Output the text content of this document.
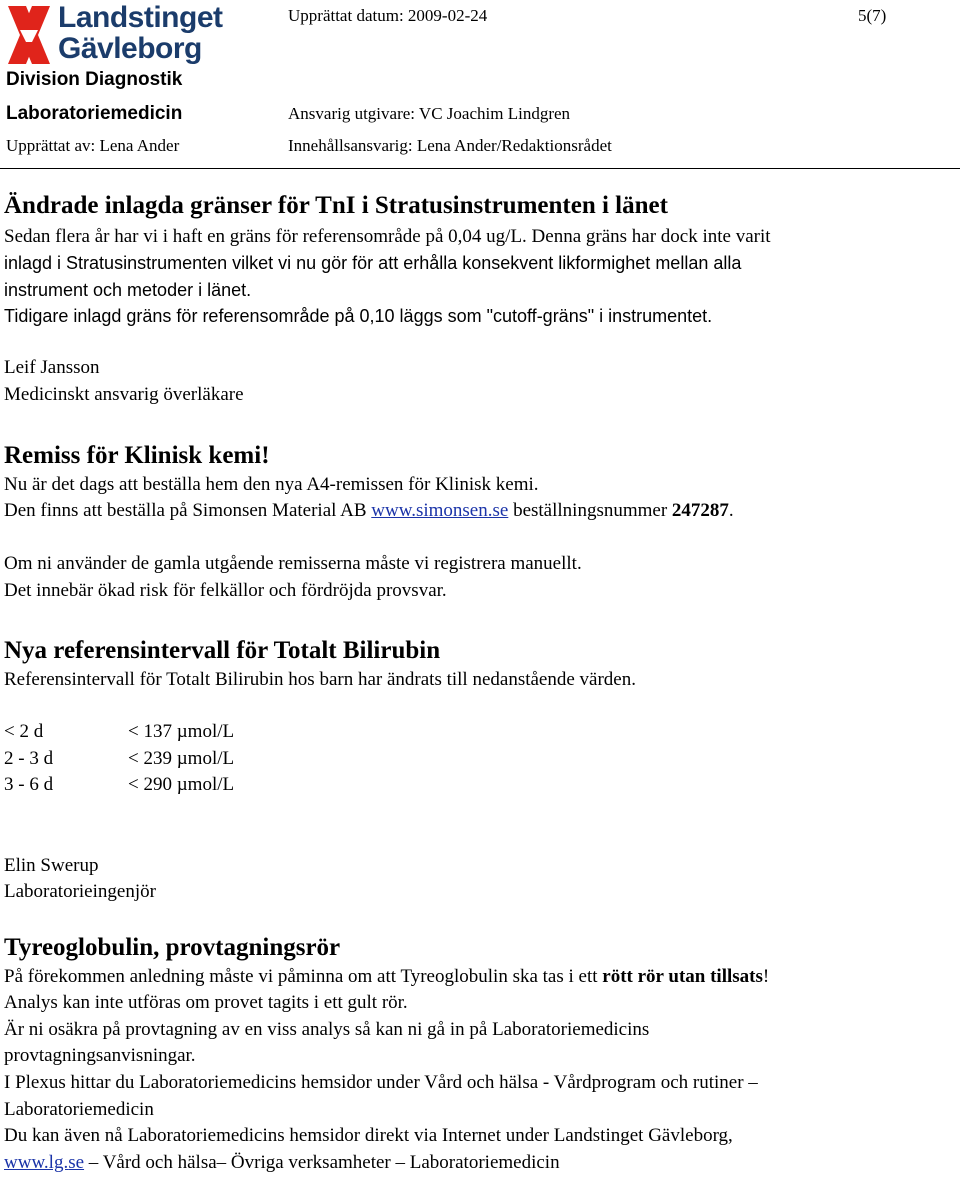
Landstinget
Gävleborg
Upprättat datum: 2009-02-24	5(7)
Division Diagnostik
Laboratoriemedicin	Ansvarig utgivare: VC Joachim Lindgren
Upprättat av: Lena Ander	Innehållsansvarig: Lena Ander/Redaktionsrådet
Ändrade inlagda gränser för TnI i Stratusinstrumenten i länet
Sedan flera år har vi i haft en gräns för referensområde på 0,04 ug/L. Denna gräns har dock inte varit
inlagd i Stratusinstrumenten vilket vi nu gör för att erhålla konsekvent likformighet mellan alla
instrument och metoder i länet.
Tidigare inlagd gräns för referensområde på 0,10 läggs som "cutoff-gräns" i instrumentet.
Leif Jansson
Medicinskt ansvarig överläkare
Remiss för Klinisk kemi!
Nu är det dags att beställa hem den nya A4-remissen för Klinisk kemi.
Den finns att beställa på Simonsen Material AB www.simonsen.se beställningsnummer 247287.
Om ni använder de gamla utgående remisserna måste vi registrera manuellt.
Det innebär ökad risk för felkällor och fördröjda provsvar.
Nya referensintervall för Totalt Bilirubin
Referensintervall för Totalt Bilirubin hos barn har ändrats till nedanstående värden.
< 2 d	< 137 µmol/L
2 - 3 d	< 239 µmol/L
3 - 6 d	< 290 µmol/L
Elin Swerup
Laboratorieingenjör
Tyreoglobulin, provtagningsrör
På förekommen anledning måste vi påminna om att Tyreoglobulin ska tas i ett rött rör utan tillsats!
Analys kan inte utföras om provet tagits i ett gult rör.
Är ni osäkra på provtagning av en viss analys så kan ni gå in på Laboratoriemedicins
provtagningsanvisningar.
I Plexus hittar du Laboratoriemedicins hemsidor under Vård och hälsa - Vårdprogram och rutiner –
Laboratoriemedicin
Du kan även nå Laboratoriemedicins hemsidor direkt via Internet under Landstinget Gävleborg,
www.lg.se – Vård och hälsa– Övriga verksamheter – Laboratoriemedicin
